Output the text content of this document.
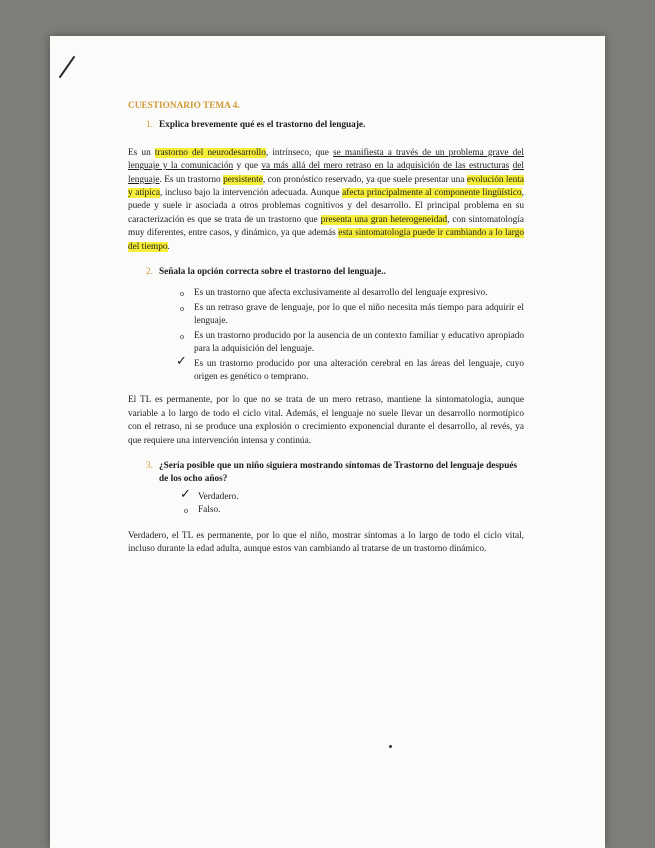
CUESTIONARIO TEMA 4.
1. Explica brevemente qué es el trastorno del lenguaje.
Es un trastorno del neurodesarrollo, intrínseco, que se manifiesta a través de un problema grave del lenguaje y la comunicación y que va más allá del mero retraso en la adquisición de las estructuras del lenguaje. Es un trastorno persistente, con pronóstico reservado, ya que suele presentar una evolución lenta y atípica, incluso bajo la intervención adecuada. Aunque afecta principalmente al componente lingüístico, puede y suele ir asociada a otros problemas cognitivos y del desarrollo. El principal problema en su caracterización es que se trata de un trastorno que presenta una gran heterogeneidad, con sintomatología muy diferentes, entre casos, y dinámico, ya que además esta sintomatología puede ir cambiando a lo largo del tiempo.
2. Señala la opción correcta sobre el trastorno del lenguaje..
o Es un trastorno que afecta exclusivamente al desarrollo del lenguaje expresivo.
o Es un retraso grave de lenguaje, por lo que el niño necesita más tiempo para adquirir el lenguaje.
o Es un trastorno producido por la ausencia de un contexto familiar y educativo apropiado para la adquisición del lenguaje.
✓ Es un trastorno producido por una alteración cerebral en las áreas del lenguaje, cuyo origen es genético o temprano.
El TL es permanente, por lo que no se trata de un mero retraso, mantiene la sintomatología, aunque variable a lo largo de todo el ciclo vital. Además, el lenguaje no suele llevar un desarrollo normotípico con el retraso, ni se produce una explosión o crecimiento exponencial durante el desarrollo, al revés, ya que requiere una intervención intensa y continúa.
3. ¿Sería posible que un niño siguiera mostrando síntomas de Trastorno del lenguaje después de los ocho años?
✓ Verdadero.
o Falso.
Verdadero, el TL es permanente, por lo que el niño, mostrar síntomas a lo largo de todo el ciclo vital, incluso durante la edad adulta, aunque estos van cambiando al tratarse de un trastorno dinámico.
